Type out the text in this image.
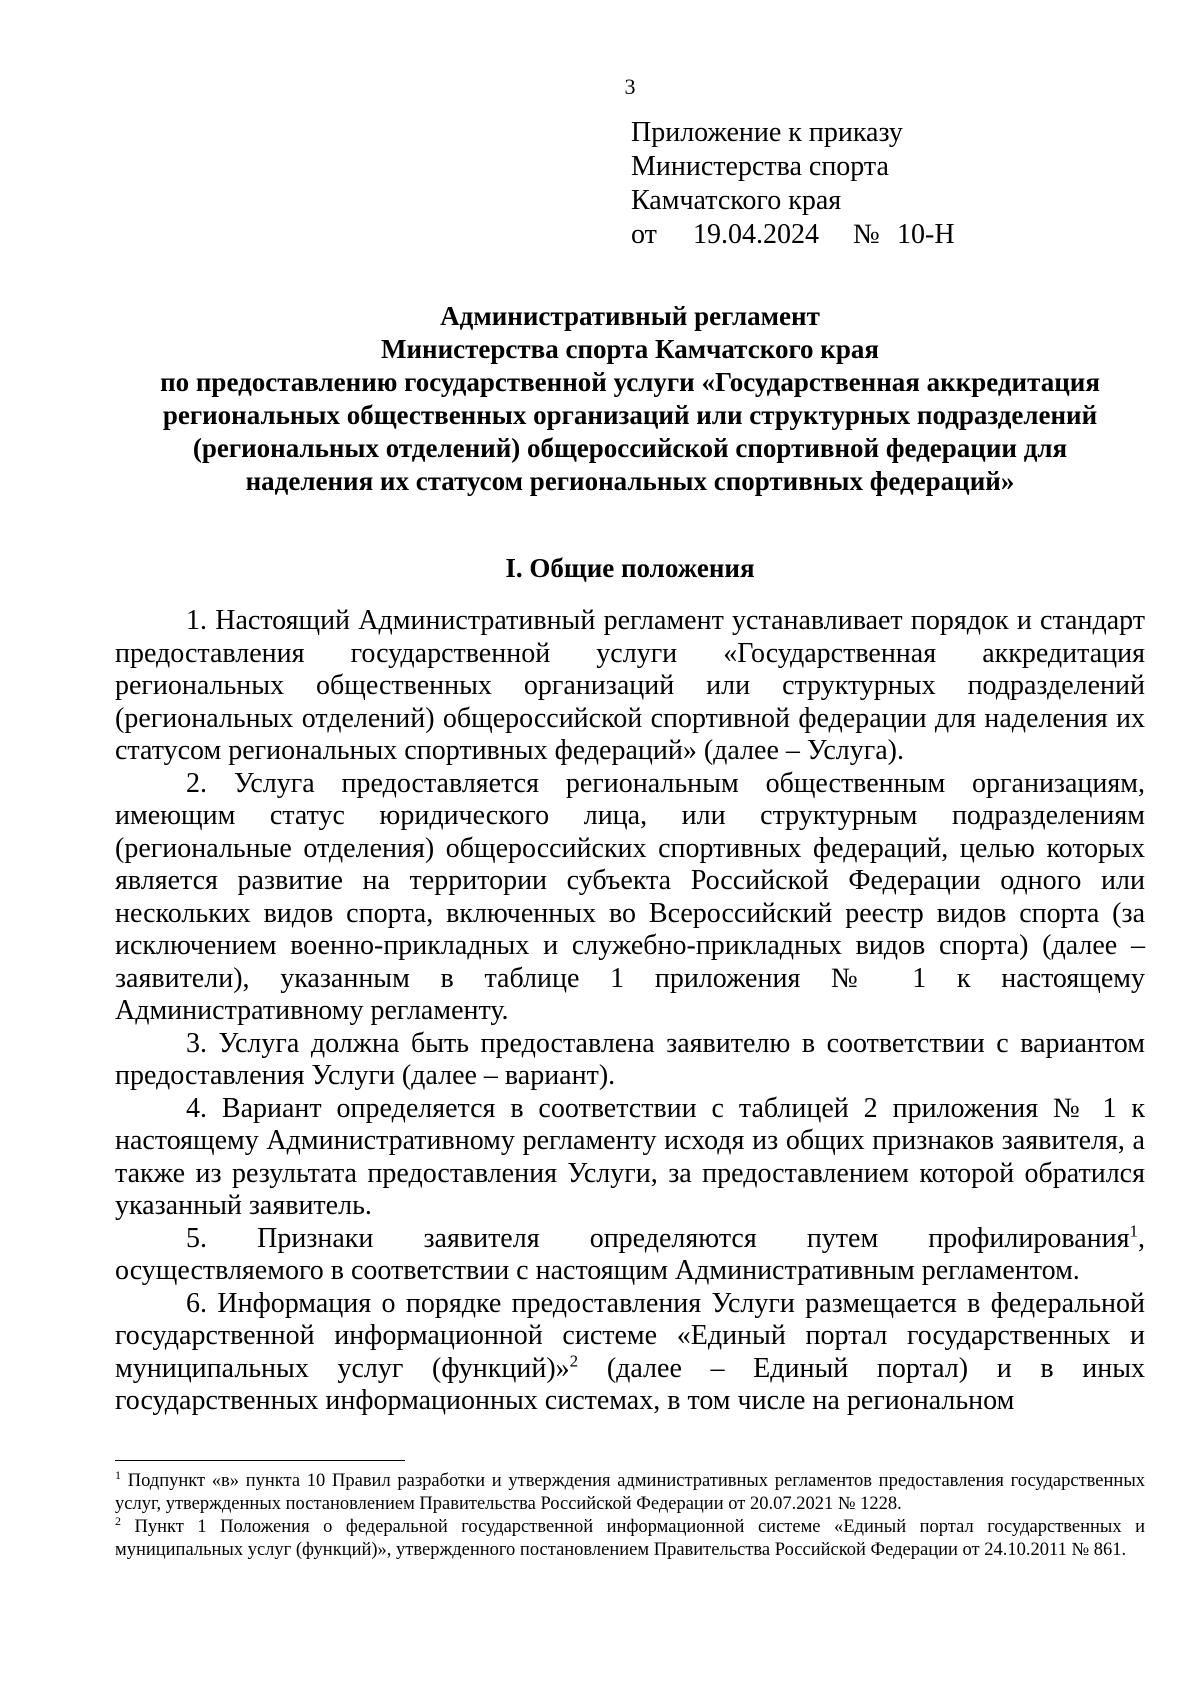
3
Приложение к приказу
Министерства спорта
Камчатского края
от 19.04.2024 № 10-Н
Административный регламент
Министерства спорта Камчатского края
по предоставлению государственной услуги «Государственная аккредитация
региональных общественных организаций или структурных подразделений
(региональных отделений) общероссийской спортивной федерации для
наделения их статусом региональных спортивных федераций»
I. Общие положения

1. Настоящий Административный регламент устанавливает порядок и стандарт предоставления государственной услуги «Государственная аккредитация региональных общественных организаций или структурных подразделений (региональных отделений) общероссийской спортивной федерации для наделения их статусом региональных спортивных федераций» (далее – Услуга).

2. Услуга предоставляется региональным общественным организациям, имеющим статус юридического лица, или структурным подразделениям (региональные отделения) общероссийских спортивных федераций, целью которых является развитие на территории субъекта Российской Федерации одного или нескольких видов спорта, включенных во Всероссийский реестр видов спорта (за исключением военно-прикладных и служебно-прикладных видов спорта) (далее – заявители), указанным в таблице 1 приложения № 1 к настоящему Административному регламенту.

3. Услуга должна быть предоставлена заявителю в соответствии с вариантом предоставления Услуги (далее – вариант).

4. Вариант определяется в соответствии с таблицей 2 приложения № 1 к настоящему Административному регламенту исходя из общих признаков заявителя, а также из результата предоставления Услуги, за предоставлением которой обратился указанный заявитель.

5. Признаки заявителя определяются путем профилирования$^1$, осуществляемого в соответствии с настоящим Административным регламентом.

6. Информация о порядке предоставления Услуги размещается в федеральной государственной информационной системе «Единый портал государственных и муниципальных услуг (функций)»$^2$ (далее – Единый портал) и в иных государственных информационных системах, в том числе на региональном

$^1$ Подпункт «в» пункта 10 Правил разработки и утверждения административных регламентов предоставления государственных услуг, утвержденных постановлением Правительства Российской Федерации от 20.07.2021 № 1228.

$^2$ Пункт 1 Положения о федеральной государственной информационной системе «Единый портал государственных и муниципальных услуг (функций)», утвержденного постановлением Правительства Российской Федерации от 24.10.2011 № 861.
